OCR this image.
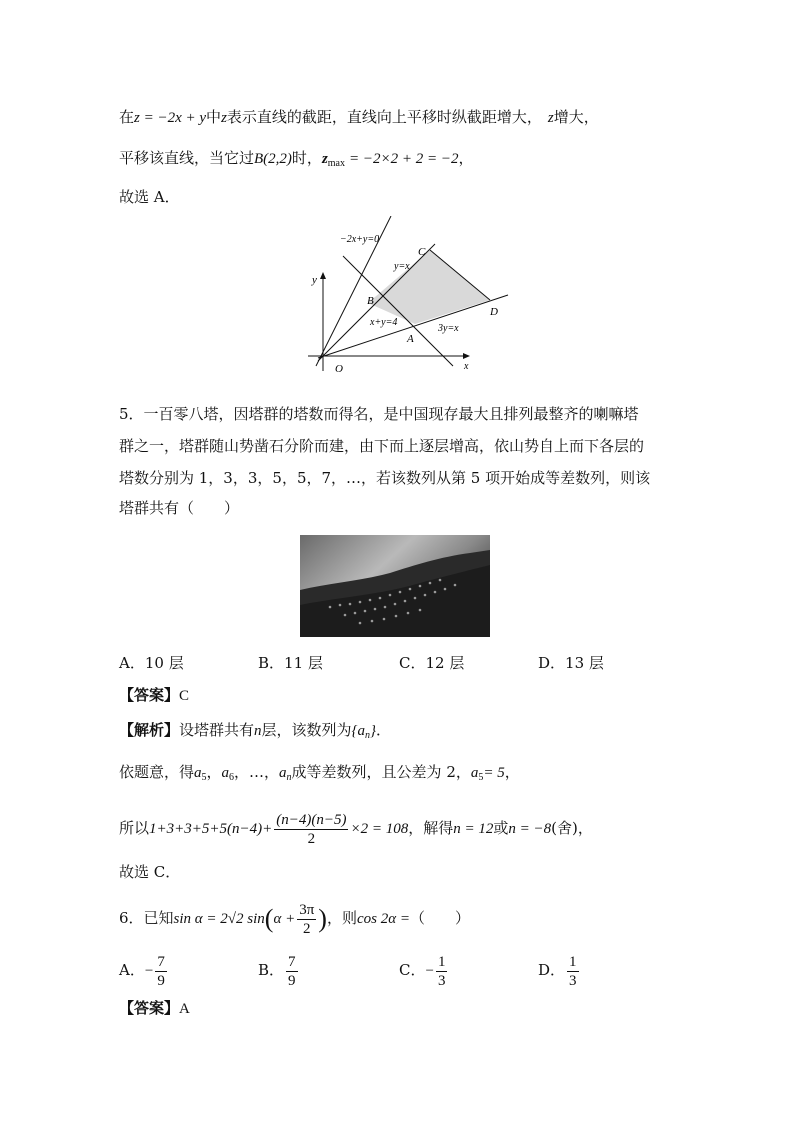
在z = −2x + y中z表示直线的截距，直线向上平移时纵截距增大， z增大，
平移该直线，当它过B(2,2)时，$z_{max} = -2\times 2 + 2 = -2$，
故选 A．
−2x+y=0
y=x
x+y=4
3y=x
C
B
D
A
O
y
x
5．一百零八塔，因塔群的塔数而得名，是中国现存最大且排列最整齐的喇嘛塔
群之一，塔群随山势凿石分阶而建，由下而上逐层增高，依山势自上而下各层的
塔数分别为 1，3，3，5，5，7，…，若该数列从第 5 项开始成等差数列，则该
塔群共有（　　）
A．10 层	B．11 层	C．12 层	D．13 层
【答案】C
【解析】设塔群共有n层，该数列为$\{a_n\}$．
依题意，得$a_5$，$a_6$，…，$a_n$成等差数列，且公差为 2，$a_5= 5$，
所以$1+3+3+5+5(n-4)+ \frac{(n-4)(n-5)}{2} \times 2 = 108$，解得n = 12或n = −8(舍)，
故选 C．
6．已知sin α = 2√2 $\sin(\alpha + \frac{3\pi}{2}$ )，则cos 2α =（　　）
A．− $\frac{7}{9}$	B． $\frac{7}{9}$	C．− $\frac{1}{3}$	D． $\frac{1}{3}$
【答案】A
